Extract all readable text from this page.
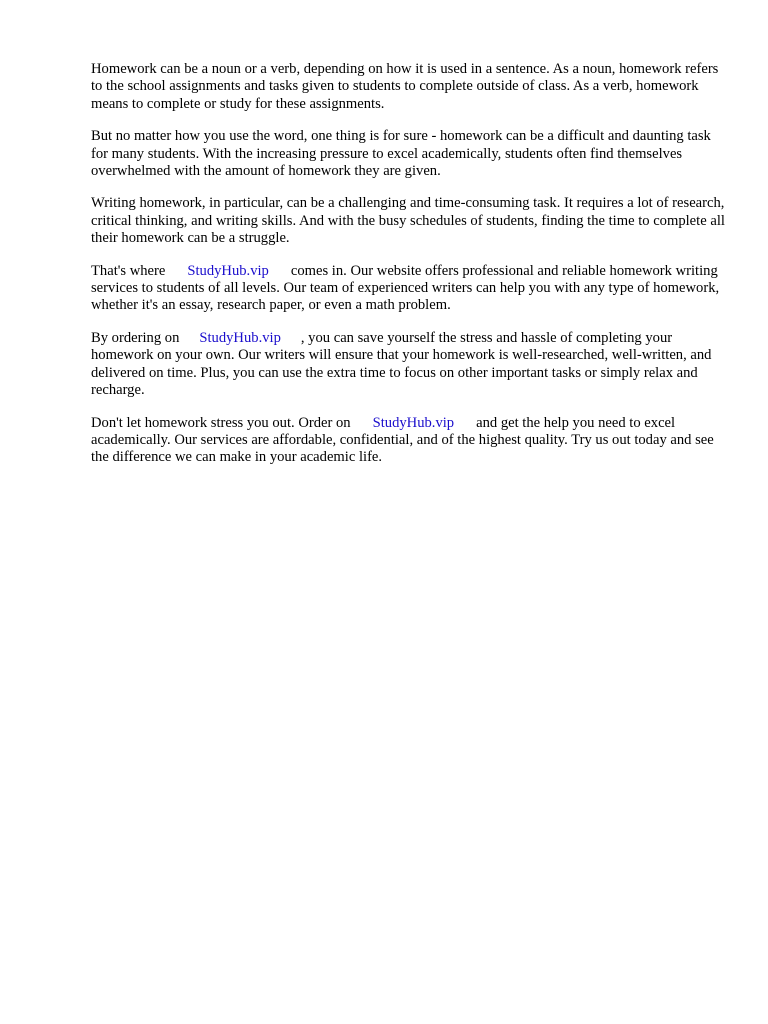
Homework can be a noun or a verb, depending on how it is used in a sentence. As a noun, homework refers to the school assignments and tasks given to students to complete outside of class. As a verb, homework means to complete or study for these assignments.

But no matter how you use the word, one thing is for sure - homework can be a difficult and daunting task for many students. With the increasing pressure to excel academically, students often find themselves overwhelmed with the amount of homework they are given.

Writing homework, in particular, can be a challenging and time-consuming task. It requires a lot of research, critical thinking, and writing skills. And with the busy schedules of students, finding the time to complete all their homework can be a struggle.

That's where StudyHub.vip comes in. Our website offers professional and reliable homework writing services to students of all levels. Our team of experienced writers can help you with any type of homework, whether it's an essay, research paper, or even a math problem.

By ordering on StudyHub.vip , you can save yourself the stress and hassle of completing your homework on your own. Our writers will ensure that your homework is well-researched, well-written, and delivered on time. Plus, you can use the extra time to focus on other important tasks or simply relax and recharge.

Don't let homework stress you out. Order on StudyHub.vip and get the help you need to excel academically. Our services are affordable, confidential, and of the highest quality. Try us out today and see the difference we can make in your academic life.
